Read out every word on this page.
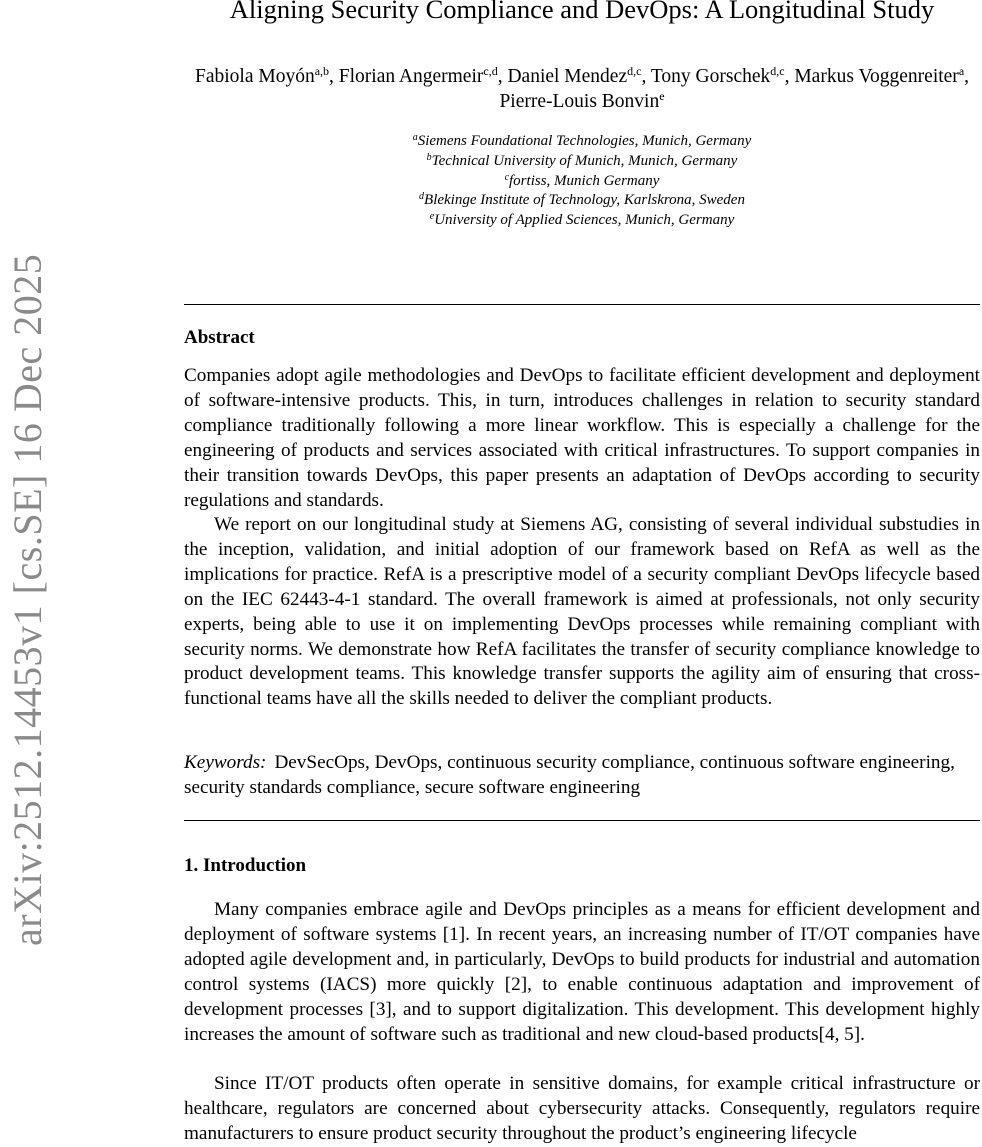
arXiv:2512.14453v1 [cs.SE] 16 Dec 2025
Aligning Security Compliance and DevOps: A Longitudinal Study
Fabiola Moyón$^{a,b}$, Florian Angermeir$^{c,d}$, Daniel Mendez$^{d,c}$, Tony Gorschek$^{d,c}$, Markus Voggenreiter$^a$, Pierre-Louis Bonvin$^e$
$^a$Siemens Foundational Technologies, Munich, Germany
$^b$Technical University of Munich, Munich, Germany
$^c$fortiss, Munich Germany
$^d$Blekinge Institute of Technology, Karlskrona, Sweden
$^e$University of Applied Sciences, Munich, Germany
Abstract

Companies adopt agile methodologies and DevOps to facilitate efficient development and deployment of software-intensive products. This, in turn, introduces challenges in relation to security standard compliance traditionally following a more linear workflow. This is especially a challenge for the engineering of products and services associated with critical infrastructures. To support companies in their transition towards DevOps, this paper presents an adaptation of DevOps according to security regulations and standards.

We report on our longitudinal study at Siemens AG, consisting of several individual substudies in the inception, validation, and initial adoption of our framework based on RefA as well as the implications for practice. RefA is a prescriptive model of a security compliant DevOps lifecycle based on the IEC 62443-4-1 standard. The overall framework is aimed at professionals, not only security experts, being able to use it on implementing DevOps processes while remaining compliant with security norms. We demonstrate how RefA facilitates the transfer of security compliance knowledge to product development teams. This knowledge transfer supports the agility aim of ensuring that cross-functional teams have all the skills needed to deliver the compliant products.

Keywords: DevSecOps, DevOps, continuous security compliance, continuous software engineering, security standards compliance, secure software engineering

1. Introduction

Many companies embrace agile and DevOps principles as a means for efficient development and deployment of software systems [1]. In recent years, an increasing number of IT/OT companies have adopted agile development and, in particularly, DevOps to build products for industrial and automation control systems (IACS) more quickly [2], to enable continuous adaptation and improvement of development processes [3], and to support digitalization. This development. This development highly increases the amount of software such as traditional and new cloud-based products[4, 5].

Since IT/OT products often operate in sensitive domains, for example critical infrastructure or healthcare, regulators are concerned about cybersecurity attacks. Consequently, regulators require manufacturers to ensure product security throughout the product’s engineering lifecycle
